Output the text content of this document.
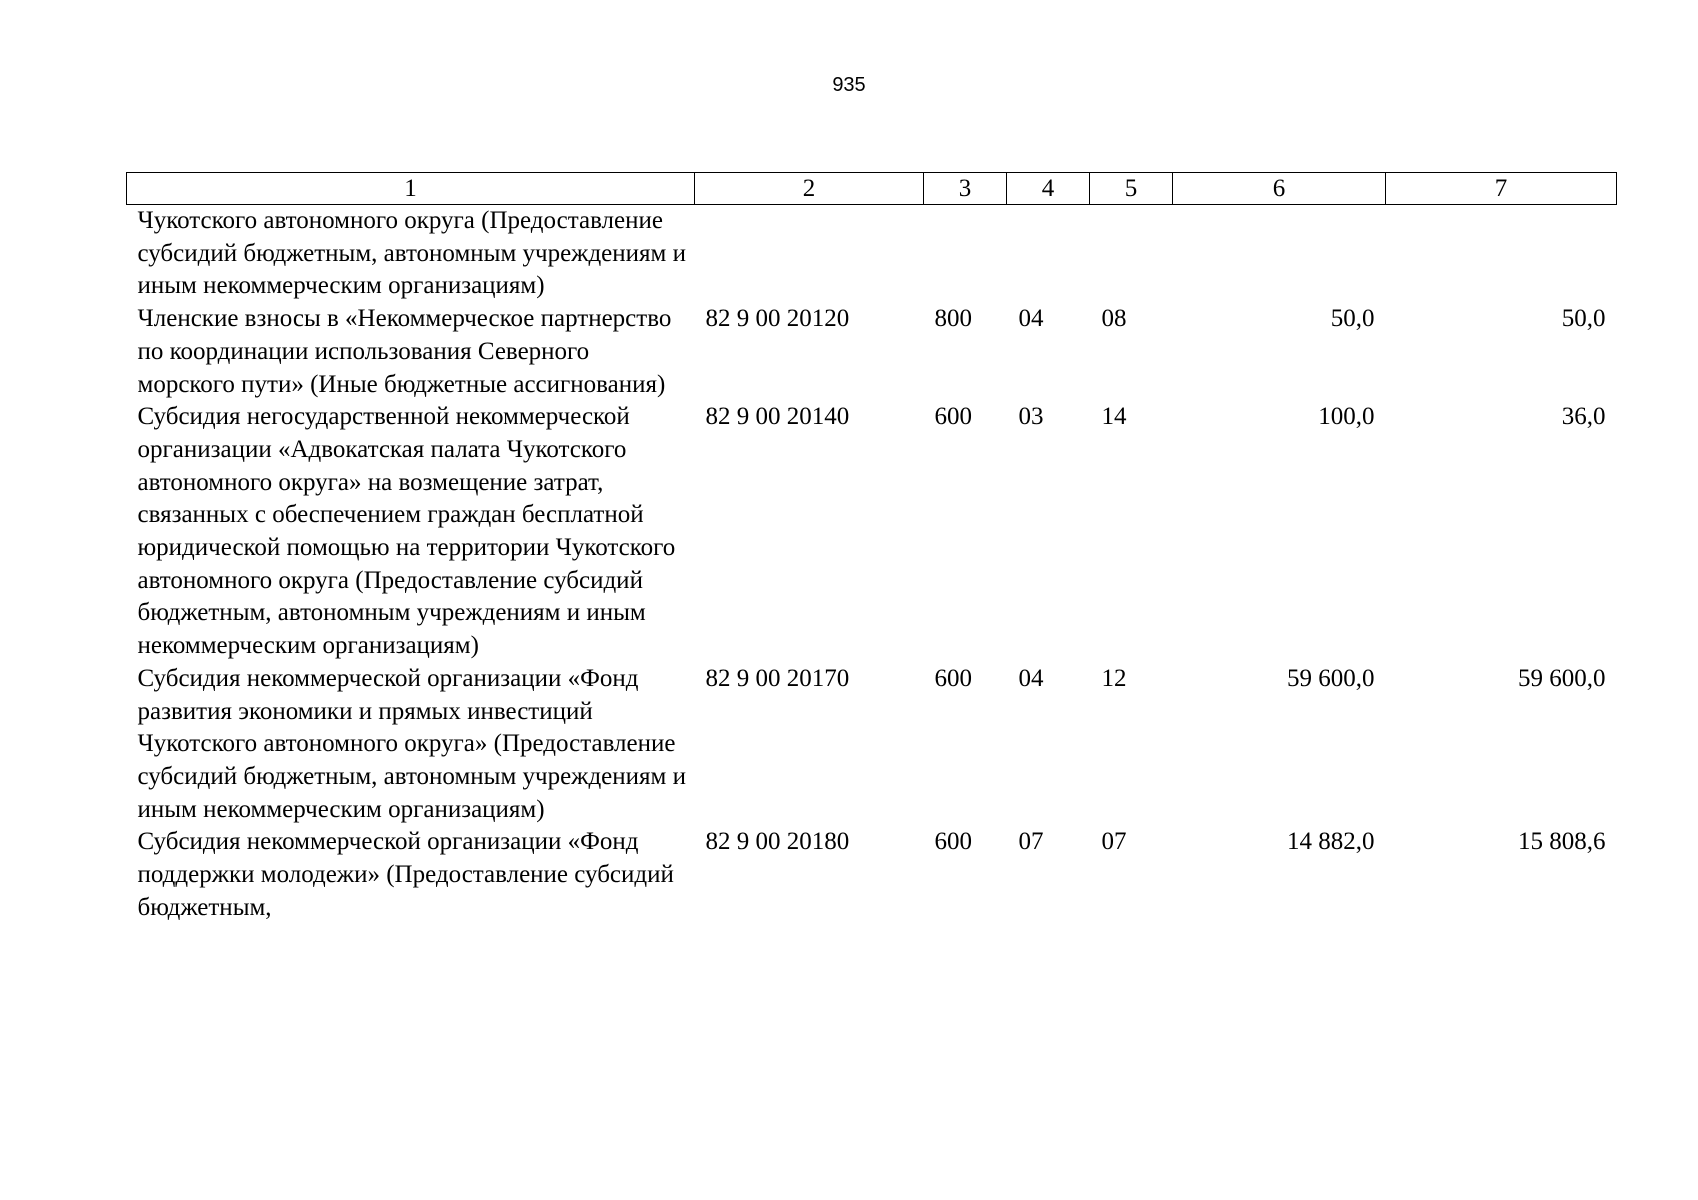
935
1	2	3	4	5	6	7
Чукотского автономного округа (Предоставление субсидий бюджетным, автономным учреждениям и иным некоммерческим организациям)						
Членские взносы в «Некоммерческое партнерство по координации использования Северного морского пути» (Иные бюджетные ассигнования)	82 9 00 20120	800	04	08	50,0	50,0
Субсидия негосударственной некоммерческой организации «Адвокатская палата Чукотского автономного округа» на возмещение затрат, связанных с обеспечением граждан бесплатной юридической помощью на территории Чукотского автономного округа (Предоставление субсидий бюджетным, автономным учреждениям и иным некоммерческим организациям)	82 9 00 20140	600	03	14	100,0	36,0
Субсидия некоммерческой организации «Фонд развития экономики и прямых инвестиций Чукотского автономного округа» (Предоставление субсидий бюджетным, автономным учреждениям и иным некоммерческим организациям)	82 9 00 20170	600	04	12	59 600,0	59 600,0
Субсидия некоммерческой организации «Фонд поддержки молодежи» (Предоставление субсидий бюджетным,	82 9 00 20180	600	07	07	14 882,0	15 808,6
